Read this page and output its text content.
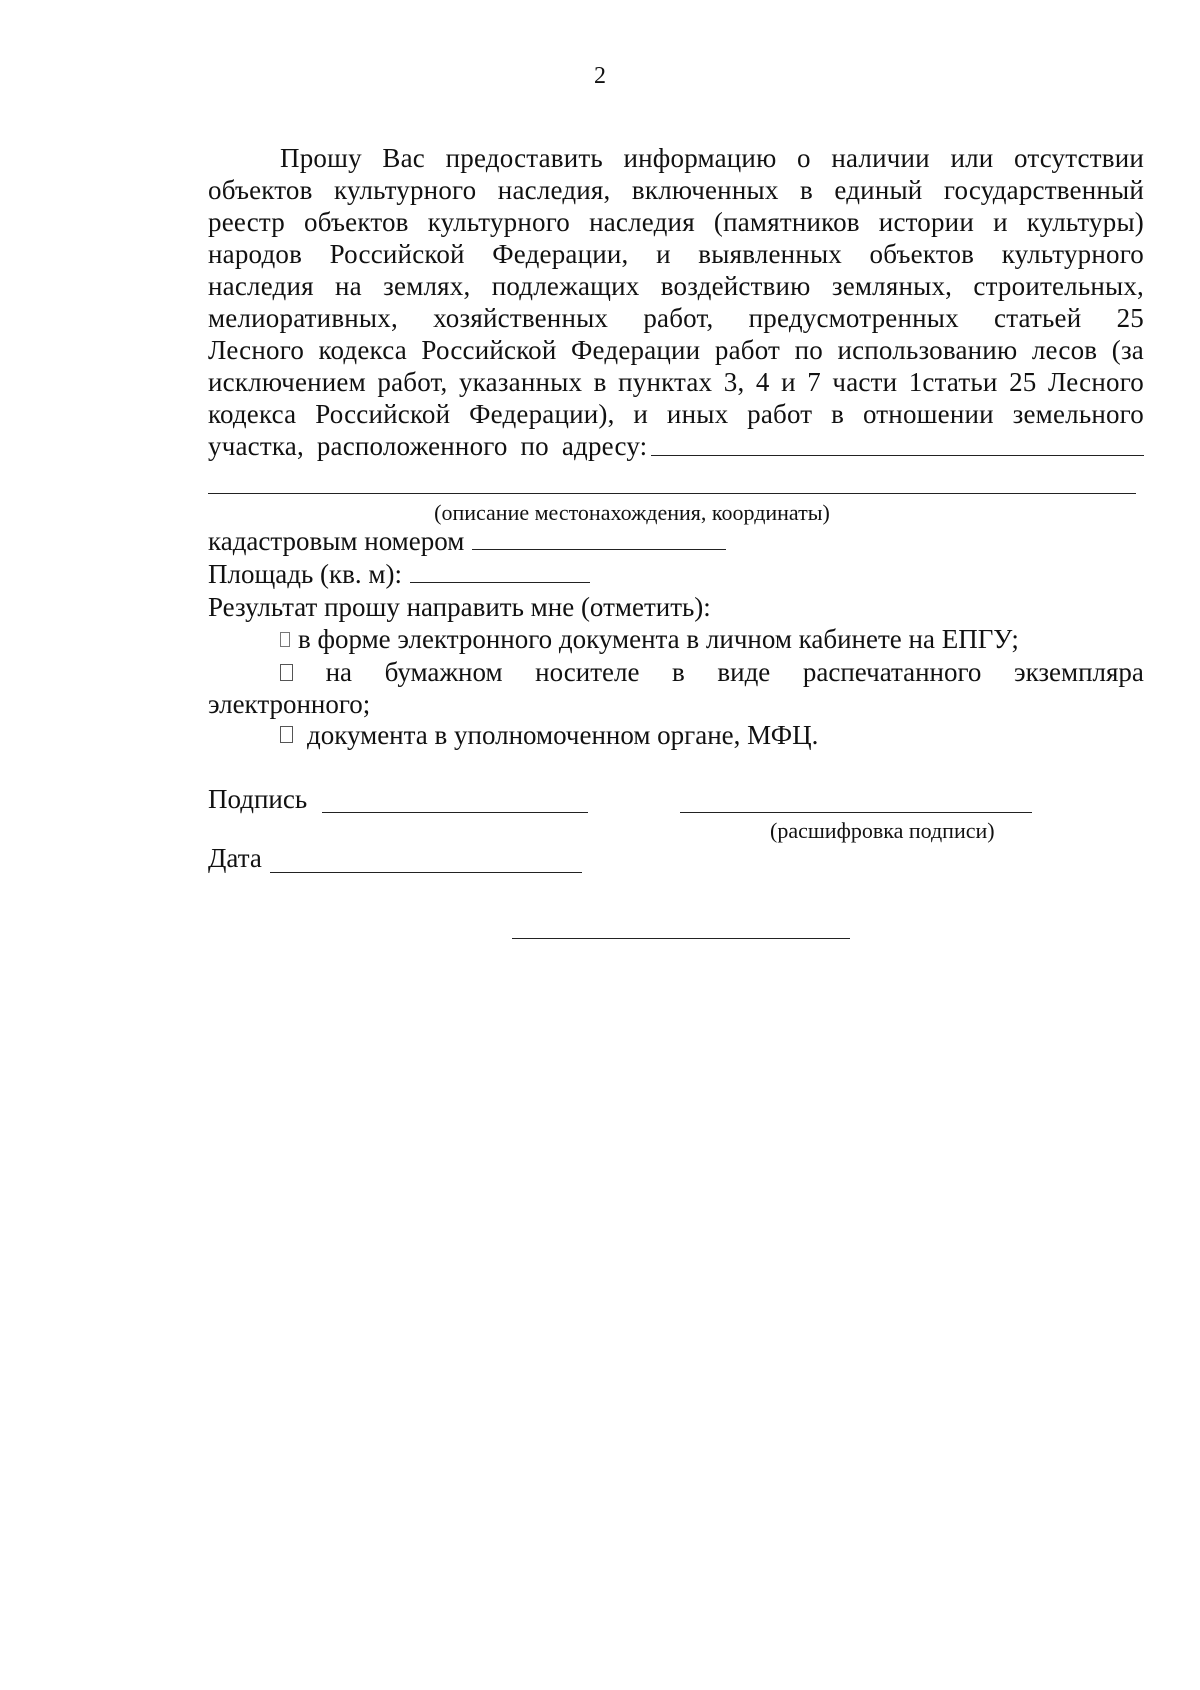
2
Прошу Вас предоставить информацию о наличии или отсутствии
объектов культурного наследия, включенных в единый государственный
реестр объектов культурного наследия (памятников истории и культуры)
народов Российской Федерации, и выявленных объектов культурного
наследия на землях, подлежащих воздействию земляных, строительных,
мелиоративных, хозяйственных работ, предусмотренных статьей 25
Лесного кодекса Российской Федерации работ по использованию лесов (за
исключением работ, указанных в пунктах 3, 4 и 7 части 1статьи 25 Лесного
кодекса Российской Федерации), и иных работ в отношении земельного
участка, расположенного по адресу:
(описание местонахождения, координаты)
кадастровым номером
Площадь (кв. м):
Результат прошу направить мне (отметить):
в форме электронного документа в личном кабинете на ЕПГУ;
на бумажном носителе в виде распечатанного экземпляра
электронного;
документа в уполномоченном органе, МФЦ.
Подпись
(расшифровка подписи)
Дата
